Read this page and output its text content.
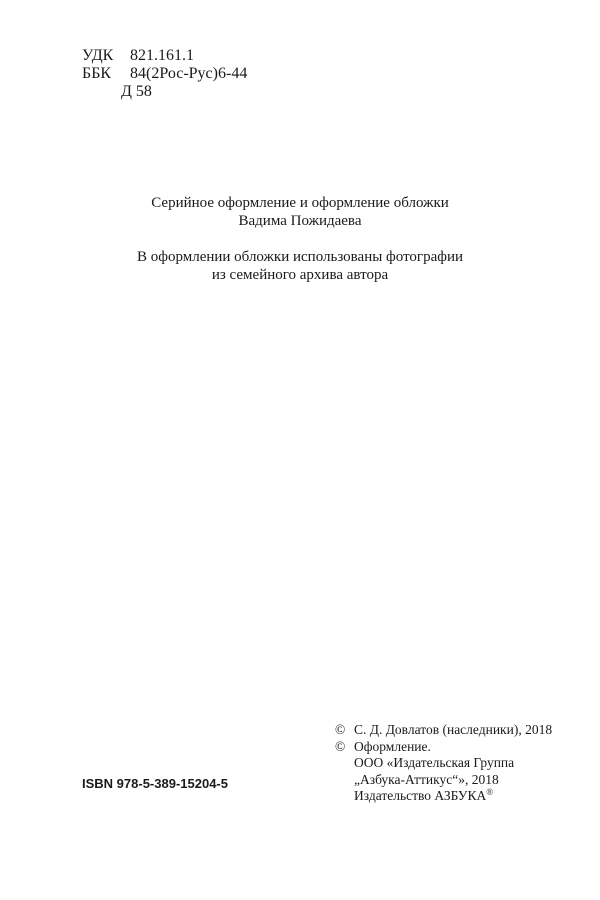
УДК	821.161.1
ББК	84(2Рос-Рус)6-44
Д 58

Серийное оформление и оформление обложки

Вадима Пожидаева

В оформлении обложки использованы фотографии

из семейного архива автора

© С. Д. Довлатов (наследники), 2018
© Оформление.
ООО «Издательская Группа
„Азбука-Аттикус“», 2018
Издательство АЗБУКА®
ISBN 978-5-389-15204-5
